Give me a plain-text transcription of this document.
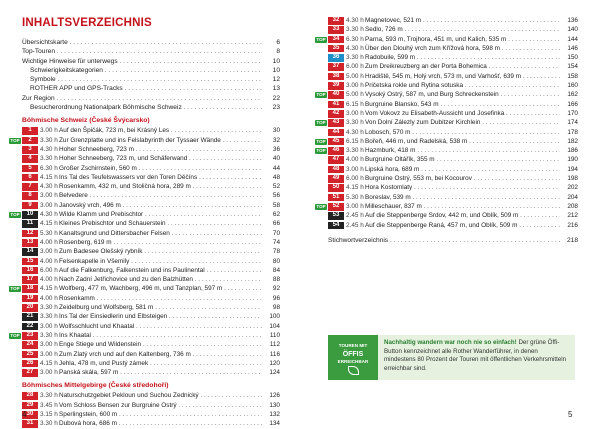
INHALTSVERZEICHNIS
Übersichtskarte . . .	6
Top-Touren . . .	8
Wichtige Hinweise für unterwegs . . .	10
Schwierigkeitskategorien . . .	10
Symbole . . .	12
ROTHER APP und GPS-Tracks . . .	13
Zur Region . . .	22
Besucherordnung Nationalpark Böhmische Schweiz . . .	23
Böhmische Schweiz (České Švýcarsko)
1	3.00 h Auf den Špičák, 723 m, bei Krásný Les . . .	30
TOP	2	3.30 h Zur Grenzplatte und ins Felslabyrinth der Tyssaer Wände . . .	32
3	4.30 h Hoher Schneeberg, 723 m . . .	36
4	3.30 h Hoher Schneeberg, 723 m, und Schäferwand . . .	40
5	6.30 h Großer Zschirnstein, 560 m . . .	44
6	4.15 h Ins Tal des Teufelswassers vor den Toren Děčíns . . .	48
7	4.30 h Rosenkamm, 432 m, und Stoličná hora, 289 m . . .	52
8	3.00 h Belvedere . . .	56
9	3.00 h Janovský vrch, 496 m . . .	58
TOP	10	4.30 h Wilde Klamm und Prebischtor . . .	62
11	4.15 h Kleines Prebischtor und Schauerstein . . .	66
12	5.30 h Kanaltsgrund und Dittersbacher Felsen . . .	70
13	4.00 h Rosenberg, 619 m . . .	74
14	3.00 h Zum Badesee Olešský rybník . . .	78
15	4.00 h Felsenkapelle in Všemily . . .	80
16	6.00 h Auf die Falkenburg, Falkenstein und ins Paulinental . . .	84
17	4.00 h Nach Zadní Jetřichovice und zu den Balzhütten . . .	88
TOP	18	4.15 h Wolfberg, 477 m, Wachberg, 496 m, und Tanzplan, 597 m . . .	92
19	4.00 h Rosenkamm . . .	96
20	3.30 h Zeidelburg und Wolfsberg, 581 m . . .	98
21	3.30 h Ins Tal der Einsiedlerin und Elbsteigen . . .	100
22	3.00 h Wolfsschlucht und Khaatal . . .	104
TOP	23	3.30 h Ins Khaatal . . .	110
24	3.00 h Enge Stiege und Wildenstein . . .	112
25	3.00 h Zum Zlatý vrch und auf den Kaltenberg, 736 m . . .	116
26	4.15 h Jehla, 478 m, und Pustý zámek . . .	120
27	3.00 h Panská skála, 597 m . . .	124
Böhmisches Mittelgebirge (České středohoří)
28	3.30 h Naturschutzgebiet Pekloun und Suchou Zednický . . .	126
29	3.45 h Vom Schloss Bensen zur Burgruine Ostrý . . .	130
30	3.15 h Sperlingstein, 600 m . . .	132
31	3.30 h Dubová hora, 686 m . . .	134
4
32	4.30 h Magnetovec, 521 m . . .	136
33	3.30 h Sedlo, 726 m . . .	140
TOP	34	6.30 h Parna, 593 m, Trojhora, 451 m, und Kalich, 535 m . . .	144
35	4.30 h Über den Dlouhý vrch zum Křížová hora, 598 m . . .	146
36	3.30 h Radobuile, 599 m . . .	150
37	6.00 h Zum Dreikreuzberg an der Porta Bohemica . . .	154
38	5.00 h Hradiště, 545 m, Holý vrch, 573 m, und Varhošť, 639 m . . .	158
39	3.00 h Pričetska rokle und Rytina sotuska . . .	160
TOP	40	5.00 h Vysoký Ostrý, 587 m, und Burg Schreckenstein . . .	162
41	6.15 h Burgruine Blansko, 543 m . . .	166
42	3.00 h Vom Vokovz zu Elisabeth-Aussicht und Josefinka . . .	170
TOP	43	3.30 h Von Dolní Zálezly zum Dubitzer Kirchlein . . .	174
44	4.30 h Lobosch, 570 m . . .	178
TOP	45	6.15 h Bořeň, 446 m, und Radelská, 538 m . . .	182
TOP	46	3.30 h Hazmburk, 418 m . . .	186
47	4.00 h Burgruine Oltářík, 355 m . . .	190
48	3.00 h Lipská hora, 689 m . . .	194
49	6.00 h Burgruine Ostrý, 553 m, bei Kocourov . . .	198
50	4.15 h Hora Kostomlaty . . .	202
51	5.30 h Boreslav, 539 m . . .	204
TOP	52	3.00 h Milleschauer, 837 m . . .	208
53	2.45 h Auf die Steppenberge Srdov, 442 m, und Oblík, 509 m . . .	212
54	2.45 h Auf die Steppenberge Raná, 457 m, und Oblík, 509 m . . .	216
Stichwortverzeichnis . . .	218
TOUREN MIT
ÖFFIS
ERREICHBAR
Nachhaltig wandern war noch nie so einfach! Der grüne Öffi-Button kennzeichnet alle Rother Wanderführer, in denen mindestens 80 Prozent der Touren mit öffentlichen Verkehrsmitteln erreichbar sind.
5
